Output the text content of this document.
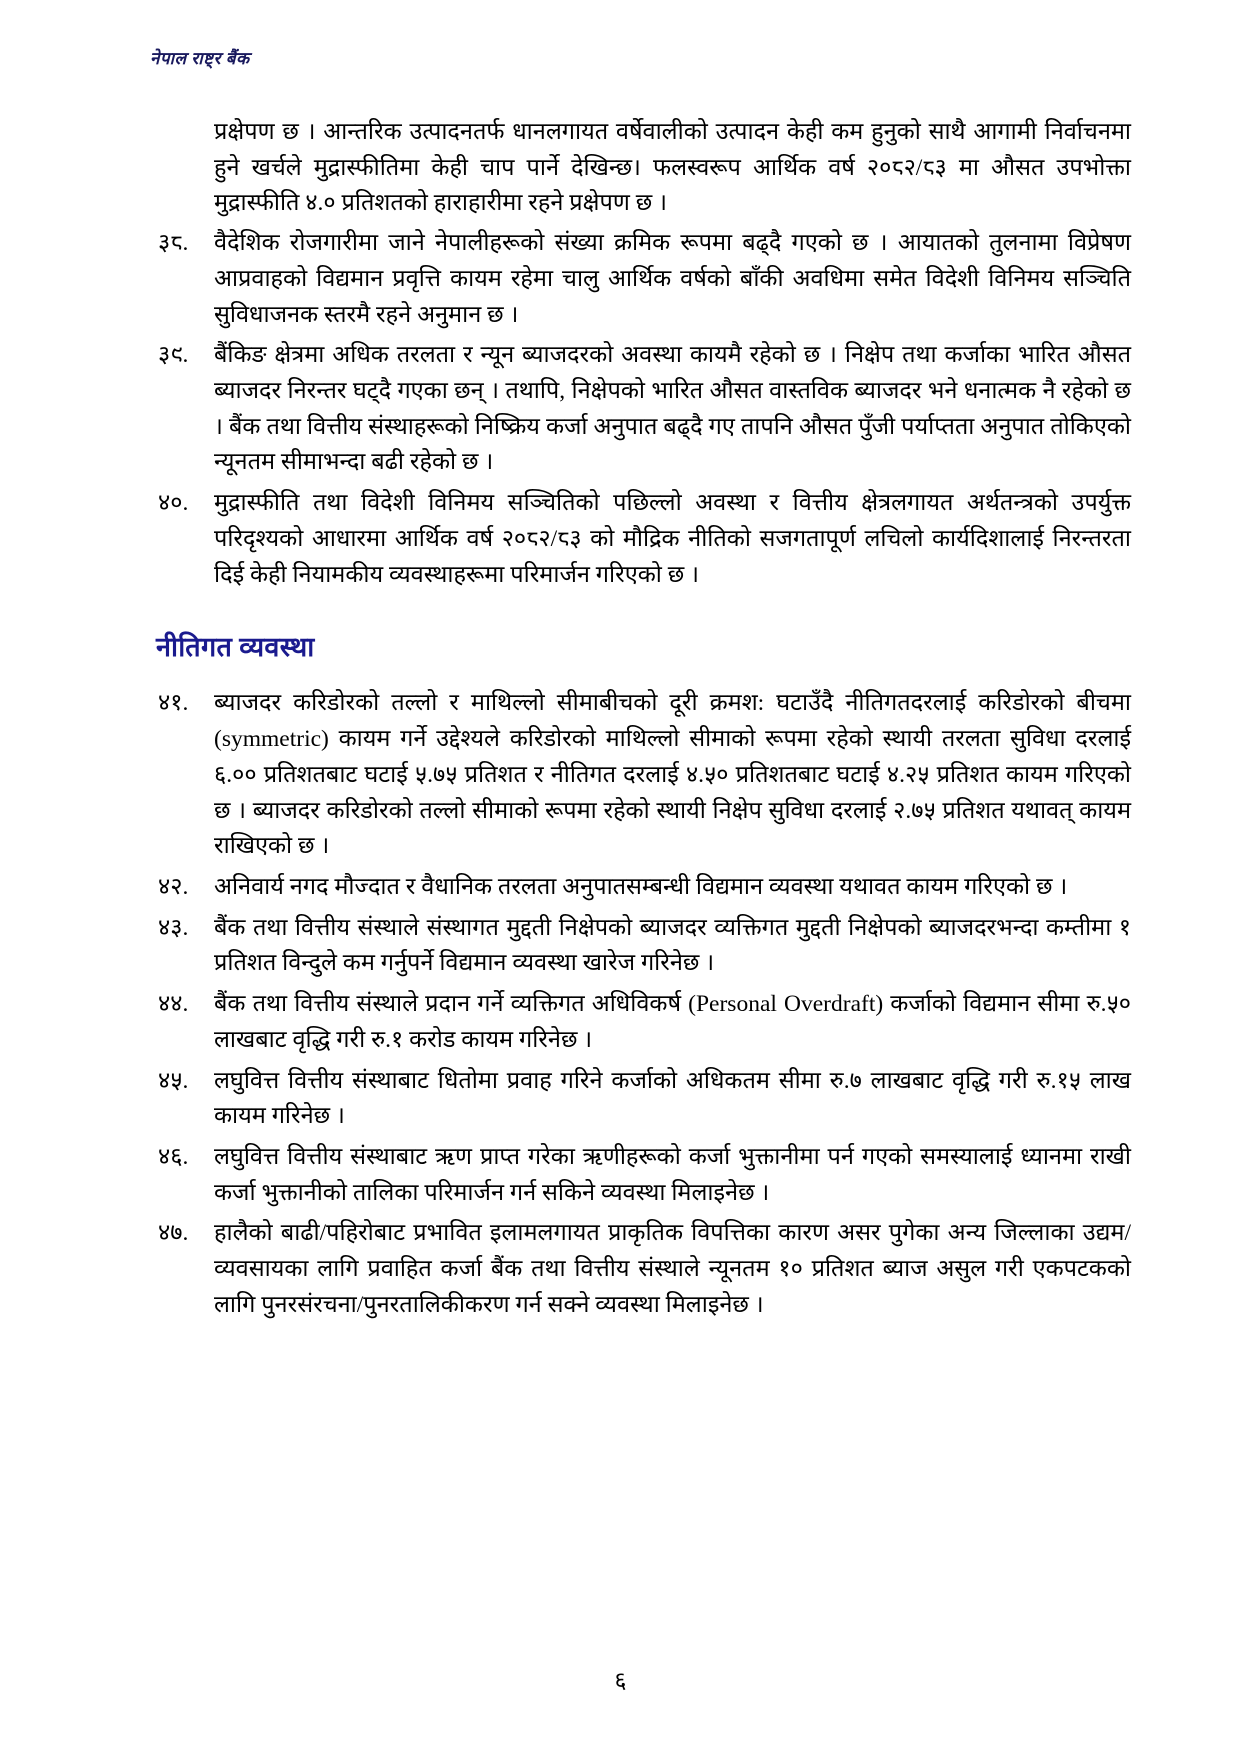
नेपाल राष्ट्र बैंक

प्रक्षेपण छ । आन्तरिक उत्पादनतर्फ धानलगायत वर्षेवालीको उत्पादन केही कम हुनुको साथै आगामी निर्वाचनमा हुने खर्चले मुद्रास्फीतिमा केही चाप पार्ने देखिन्छ। फलस्वरूप आर्थिक वर्ष २०८२/८३ मा औसत उपभोक्ता मुद्रास्फीति ४.० प्रतिशतको हाराहारीमा रहने प्रक्षेपण छ ।

३८.	वैदेशिक रोजगारीमा जाने नेपालीहरूको संख्या क्रमिक रूपमा बढ्दै गएको छ । आयातको तुलनामा विप्रेषण आप्रवाहको विद्यमान प्रवृत्ति कायम रहेमा चालु आर्थिक वर्षको बाँकी अवधिमा समेत विदेशी विनिमय सञ्चिति सुविधाजनक स्तरमै रहने अनुमान छ ।
३९.	बैंकिङ क्षेत्रमा अधिक तरलता र न्यून ब्याजदरको अवस्था कायमै रहेको छ । निक्षेप तथा कर्जाका भारित औसत ब्याजदर निरन्तर घट्दै गएका छन् । तथापि, निक्षेपको भारित औसत वास्तविक ब्याजदर भने धनात्मक नै रहेको छ । बैंक तथा वित्तीय संस्थाहरूको निष्क्रिय कर्जा अनुपात बढ्दै गए तापनि औसत पुँजी पर्याप्तता अनुपात तोकिएको न्यूनतम सीमाभन्दा बढी रहेको छ ।
४०.	मुद्रास्फीति तथा विदेशी विनिमय सञ्चितिको पछिल्लो अवस्था र वित्तीय क्षेत्रलगायत अर्थतन्त्रको उपर्युक्त परिदृश्यको आधारमा आर्थिक वर्ष २०८२/८३ को मौद्रिक नीतिको सजगतापूर्ण लचिलो कार्यदिशालाई निरन्तरता दिई केही नियामकीय व्यवस्थाहरूमा परिमार्जन गरिएको छ ।
नीतिगत व्यवस्था
४१.	ब्याजदर करिडोरको तल्लो र माथिल्लो सीमाबीचको दूरी क्रमश: घटाउँदै नीतिगतदरलाई करिडोरको बीचमा (symmetric) कायम गर्ने उद्देश्यले करिडोरको माथिल्लो सीमाको रूपमा रहेको स्थायी तरलता सुविधा दरलाई ६.०० प्रतिशतबाट घटाई ५.७५ प्रतिशत र नीतिगत दरलाई ४.५० प्रतिशतबाट घटाई ४.२५ प्रतिशत कायम गरिएको छ । ब्याजदर करिडोरको तल्लो सीमाको रूपमा रहेको स्थायी निक्षेप सुविधा दरलाई २.७५ प्रतिशत यथावत् कायम राखिएको छ ।
४२.	अनिवार्य नगद मौज्दात र वैधानिक तरलता अनुपातसम्बन्धी विद्यमान व्यवस्था यथावत कायम गरिएको छ ।
४३.	बैंक तथा वित्तीय संस्थाले संस्थागत मुद्दती निक्षेपको ब्याजदर व्यक्तिगत मुद्दती निक्षेपको ब्याजदरभन्दा कम्तीमा १ प्रतिशत विन्दुले कम गर्नुपर्ने विद्यमान व्यवस्था खारेज गरिनेछ ।
४४.	बैंक तथा वित्तीय संस्थाले प्रदान गर्ने व्यक्तिगत अधिविकर्ष (Personal Overdraft) कर्जाको विद्यमान सीमा रु.५० लाखबाट वृद्धि गरी रु.१ करोड कायम गरिनेछ ।
४५.	लघुवित्त वित्तीय संस्थाबाट धितोमा प्रवाह गरिने कर्जाको अधिकतम सीमा रु.७ लाखबाट वृद्धि गरी रु.१५ लाख कायम गरिनेछ ।
४६.	लघुवित्त वित्तीय संस्थाबाट ऋण प्राप्त गरेका ऋणीहरूको कर्जा भुक्तानीमा पर्न गएको समस्यालाई ध्यानमा राखी कर्जा भुक्तानीको तालिका परिमार्जन गर्न सकिने व्यवस्था मिलाइनेछ ।
४७.	हालैको बाढी/पहिरोबाट प्रभावित इलामलगायत प्राकृतिक विपत्तिका कारण असर पुगेका अन्य जिल्लाका उद्यम/व्यवसायका लागि प्रवाहित कर्जा बैंक तथा वित्तीय संस्थाले न्यूनतम १० प्रतिशत ब्याज असुल गरी एकपटकको लागि पुनरसंरचना/पुनरतालिकीकरण गर्न सक्ने व्यवस्था मिलाइनेछ ।
६
